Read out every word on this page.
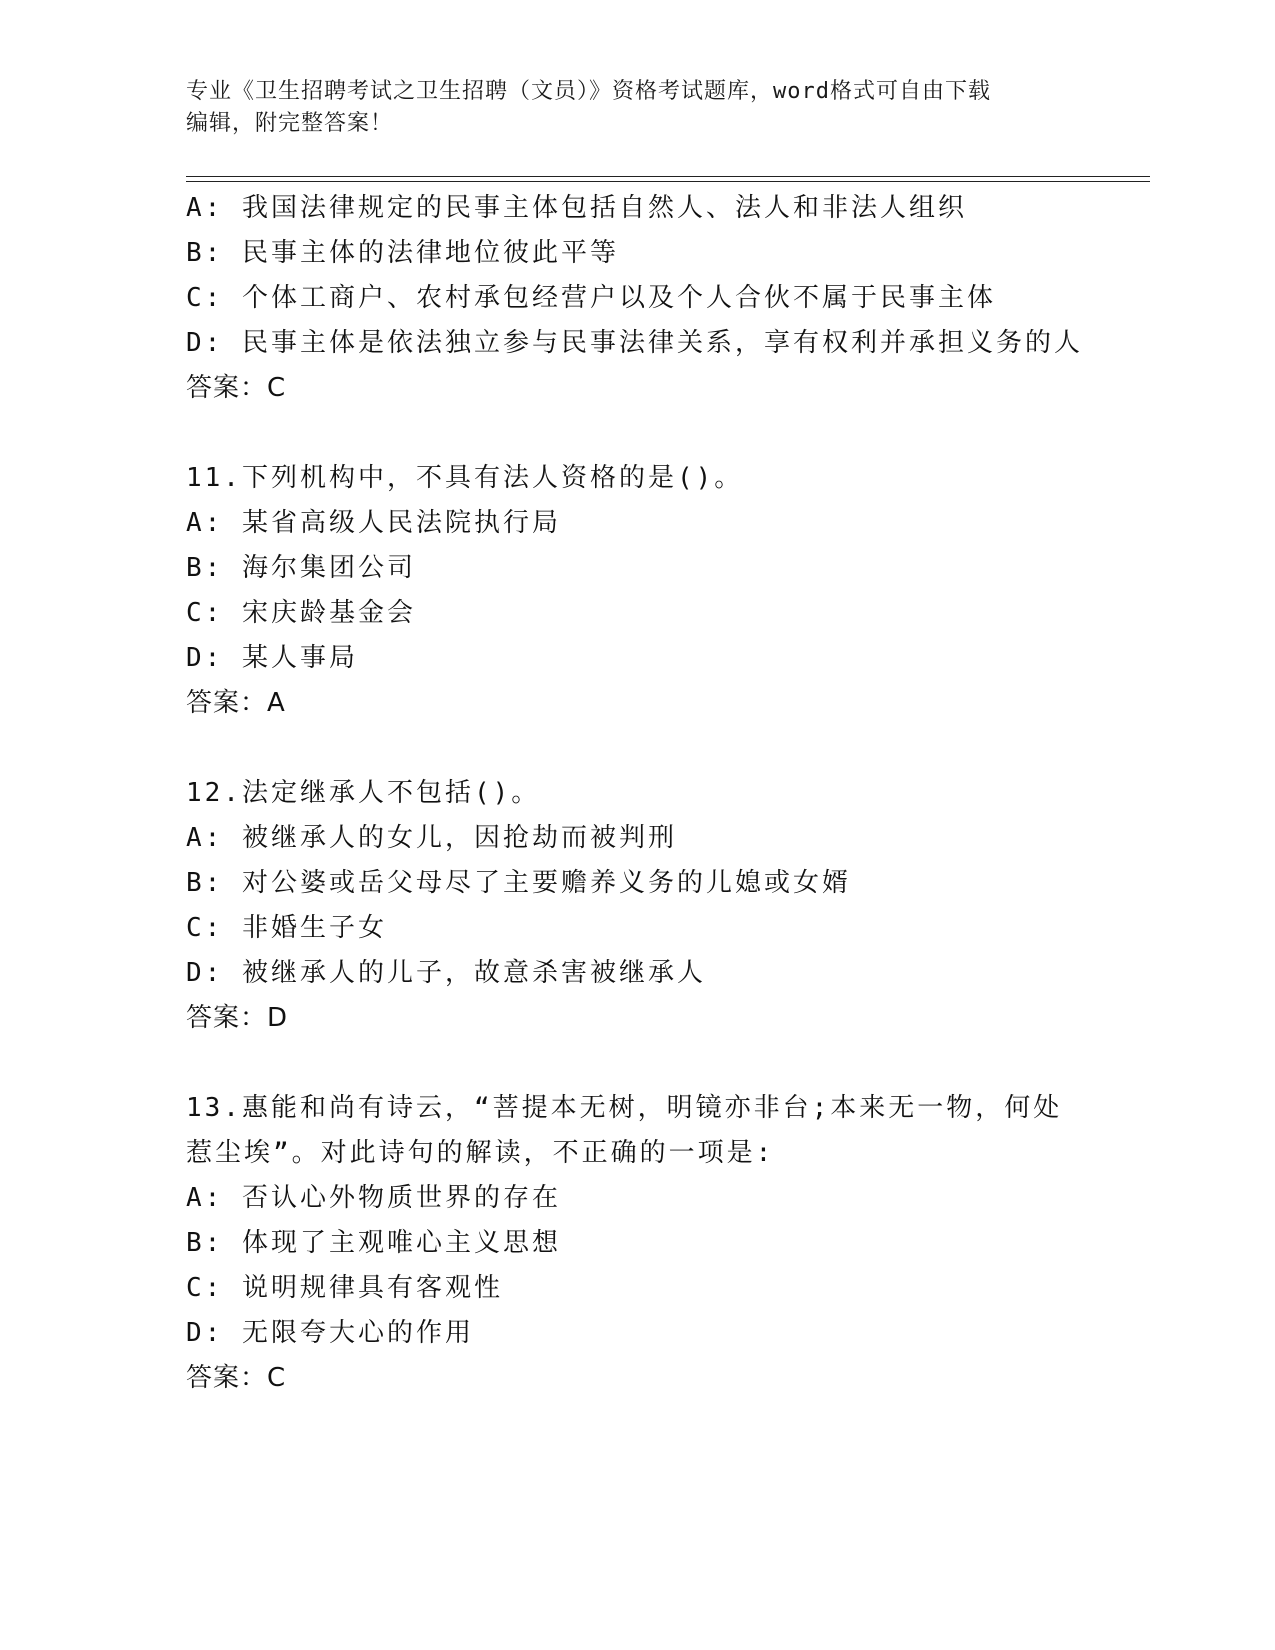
专业《卫生招聘考试之卫生招聘（文员）》资格考试题库，word格式可自由下载
编辑，附完整答案！
A: 我国法律规定的民事主体包括自然人、法人和非法人组织
B: 民事主体的法律地位彼此平等
C: 个体工商户、农村承包经营户以及个人合伙不属于民事主体
D: 民事主体是依法独立参与民事法律关系，享有权利并承担义务的人
答案：C
11.下列机构中，不具有法人资格的是()。
A: 某省高级人民法院执行局
B: 海尔集团公司
C: 宋庆龄基金会
D: 某人事局
答案：A
12.法定继承人不包括()。
A: 被继承人的女儿，因抢劫而被判刑
B: 对公婆或岳父母尽了主要赡养义务的儿媳或女婿
C: 非婚生子女
D: 被继承人的儿子，故意杀害被继承人
答案：D
13.惠能和尚有诗云，“菩提本无树，明镜亦非台;本来无一物，何处
惹尘埃”。对此诗句的解读，不正确的一项是:
A: 否认心外物质世界的存在
B: 体现了主观唯心主义思想
C: 说明规律具有客观性
D: 无限夸大心的作用
答案：C
